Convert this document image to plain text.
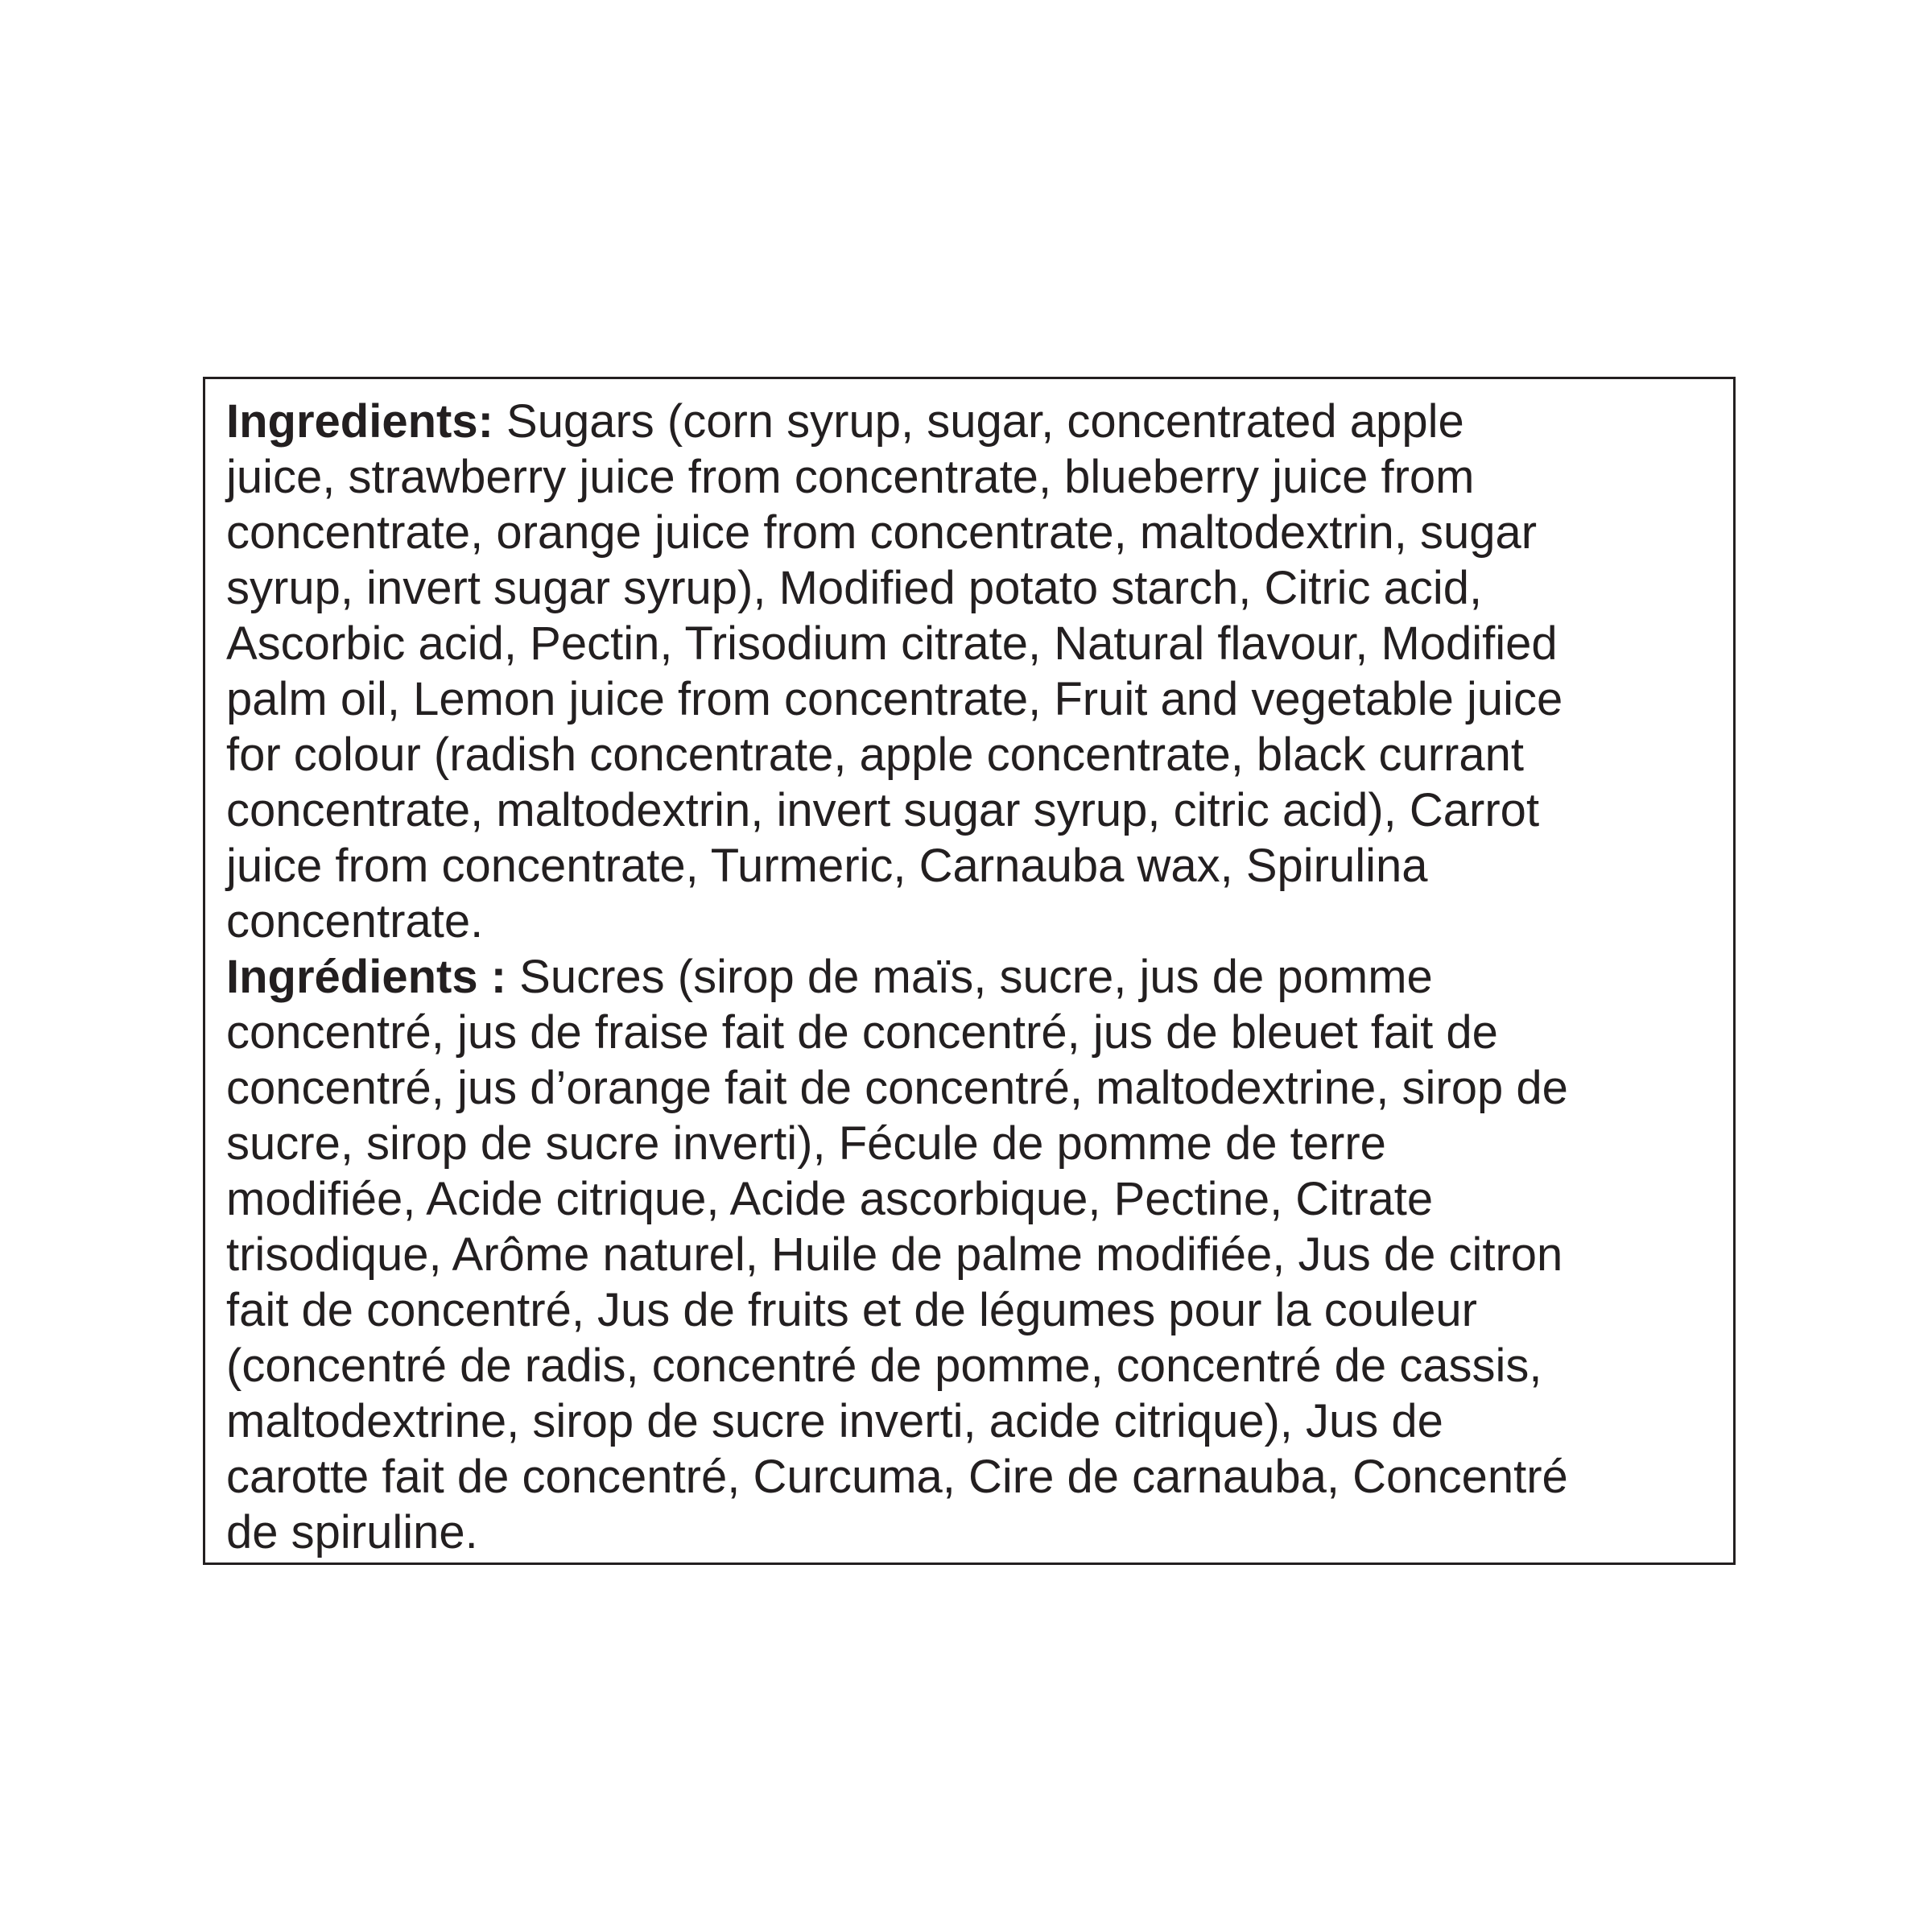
Ingredients: Sugars (corn syrup, sugar, concentrated apple
juice, strawberry juice from concentrate, blueberry juice from
concentrate, orange juice from concentrate, maltodextrin, sugar
syrup, invert sugar syrup), Modified potato starch, Citric acid,
Ascorbic acid, Pectin, Trisodium citrate, Natural flavour, Modified
palm oil, Lemon juice from concentrate, Fruit and vegetable juice
for colour (radish concentrate, apple concentrate, black currant
concentrate, maltodextrin, invert sugar syrup, citric acid), Carrot
juice from concentrate, Turmeric, Carnauba wax, Spirulina
concentrate.

Ingrédients : Sucres (sirop de maïs, sucre, jus de pomme
concentré, jus de fraise fait de concentré, jus de bleuet fait de
concentré, jus d’orange fait de concentré, maltodextrine, sirop de
sucre, sirop de sucre inverti), Fécule de pomme de terre
modifiée, Acide citrique, Acide ascorbique, Pectine, Citrate
trisodique, Arôme naturel, Huile de palme modifiée, Jus de citron
fait de concentré, Jus de fruits et de légumes pour la couleur
(concentré de radis, concentré de pomme, concentré de cassis,
maltodextrine, sirop de sucre inverti, acide citrique), Jus de
carotte fait de concentré, Curcuma, Cire de carnauba, Concentré
de spiruline.
